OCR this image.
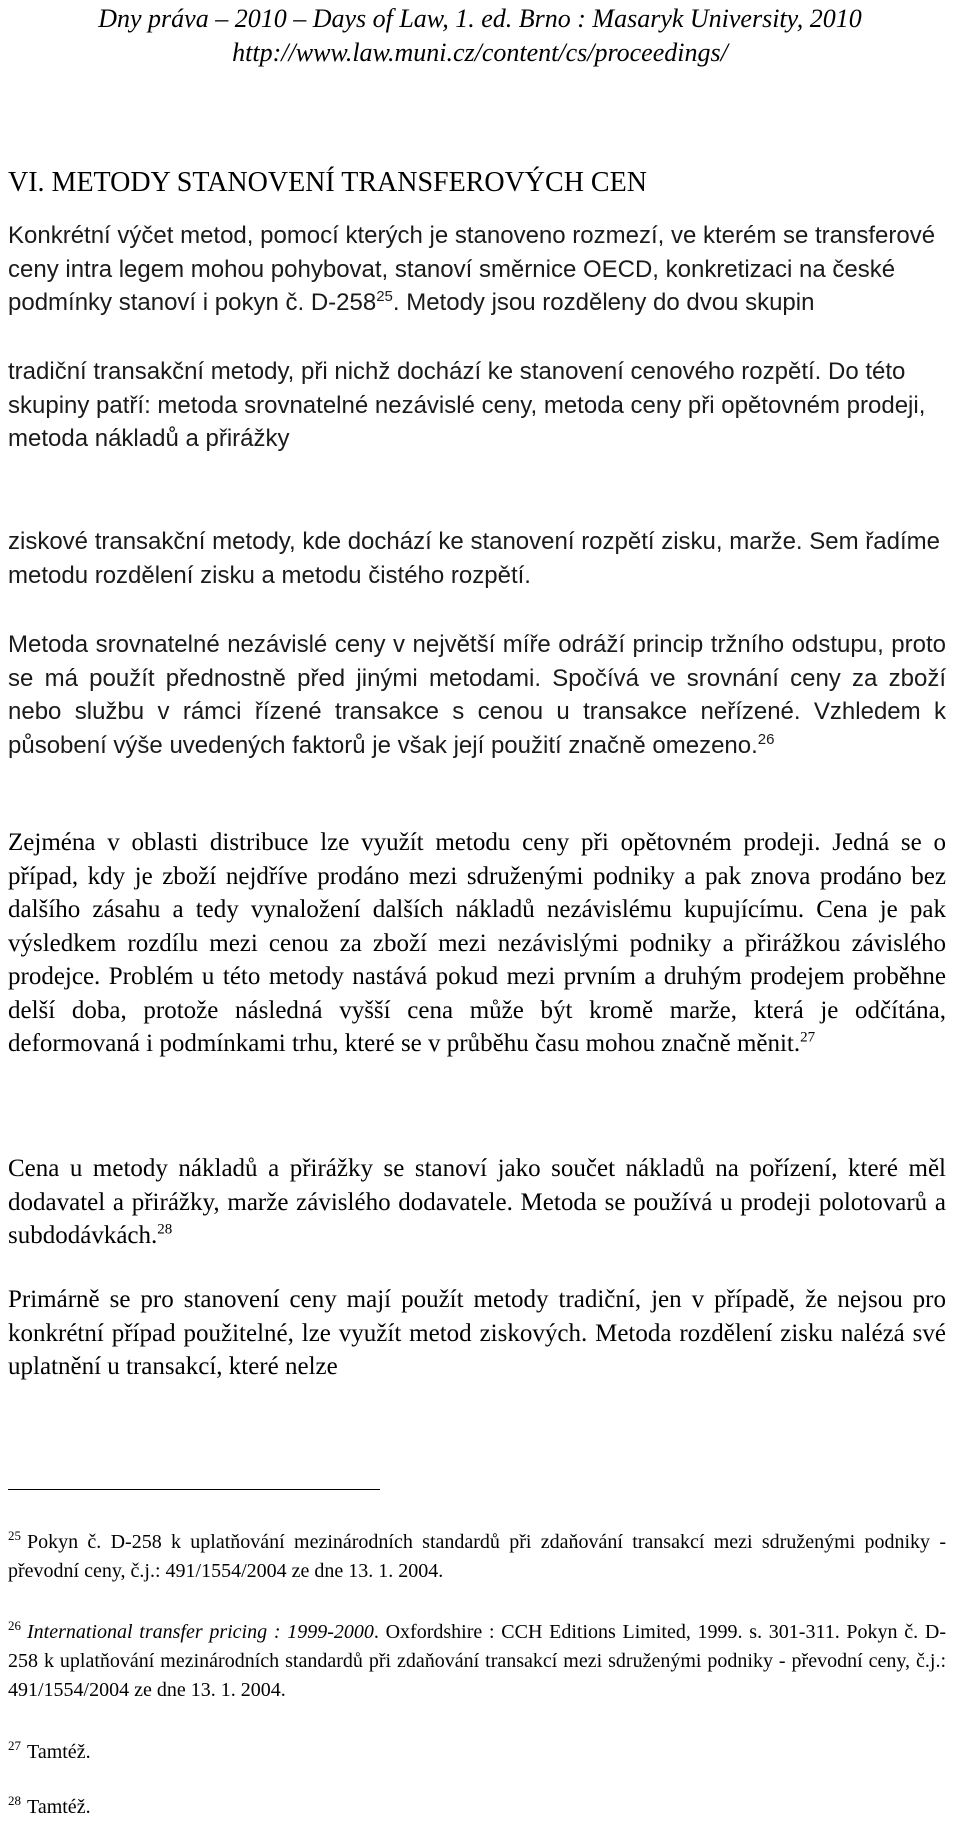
Dny práva – 2010 – Days of Law, 1. ed. Brno : Masaryk University, 2010
http://www.law.muni.cz/content/cs/proceedings/
VI. METODY STANOVENÍ TRANSFEROVÝCH CEN
Konkrétní výčet metod, pomocí kterých je stanoveno rozmezí, ve kterém se transferové ceny intra legem mohou pohybovat, stanoví směrnice OECD, konkretizaci na české podmínky stanoví i pokyn č. $D-258^{25}$. Metody jsou rozděleny do dvou skupin
tradiční transakční metody, při nichž dochází ke stanovení cenového rozpětí. Do této skupiny patří: metoda srovnatelné nezávislé ceny, metoda ceny při opětovném prodeji, metoda nákladů a přirážky
ziskové transakční metody, kde dochází ke stanovení rozpětí zisku, marže. Sem řadíme metodu rozdělení zisku a metodu čistého rozpětí.
Metoda srovnatelné nezávislé ceny v největší míře odráží princip tržního odstupu, proto se má použít přednostně před jinými metodami. Spočívá ve srovnání ceny za zboží nebo službu v rámci řízené transakce s cenou u transakce neřízené. Vzhledem k působení výše uvedených faktorů je však její použití značně omezeno.$^{26}$
Zejména v oblasti distribuce lze využít metodu ceny při opětovném prodeji. Jedná se o případ, kdy je zboží nejdříve prodáno mezi sdruženými podniky a pak znova prodáno bez dalšího zásahu a tedy vynaložení dalších nákladů nezávislému kupujícímu. Cena je pak výsledkem rozdílu mezi cenou za zboží mezi nezávislými podniky a přirážkou závislého prodejce. Problém u této metody nastává pokud mezi prvním a druhým prodejem proběhne delší doba, protože následná vyšší cena může být kromě marže, která je odčítána, deformovaná i podmínkami trhu, které se v průběhu času mohou značně měnit.$^{27}$
Cena u metody nákladů a přirážky se stanoví jako součet nákladů na pořízení, které měl dodavatel a přirážky, marže závislého dodavatele. Metoda se používá u prodeji polotovarů a subdodávkách.$^{28}$
Primárně se pro stanovení ceny mají použít metody tradiční, jen v případě, že nejsou pro konkrétní případ použitelné, lze využít metod ziskových. Metoda rozdělení zisku nalézá své uplatnění u transakcí, které nelze
$^{25}$ Pokyn č. D-258 k uplatňování mezinárodních standardů při zdaňování transakcí mezi sdruženými podniky - převodní ceny, č.j.: 491/1554/2004 ze dne 13. 1. 2004.
$^{26}$ International transfer pricing : 1999-2000. Oxfordshire : CCH Editions Limited, 1999. s. 301-311. Pokyn č. D-258 k uplatňování mezinárodních standardů při zdaňování transakcí mezi sdruženými podniky - převodní ceny, č.j.: 491/1554/2004 ze dne 13. 1. 2004.
$^{27}$ Tamtéž.
$^{28}$ Tamtéž.
